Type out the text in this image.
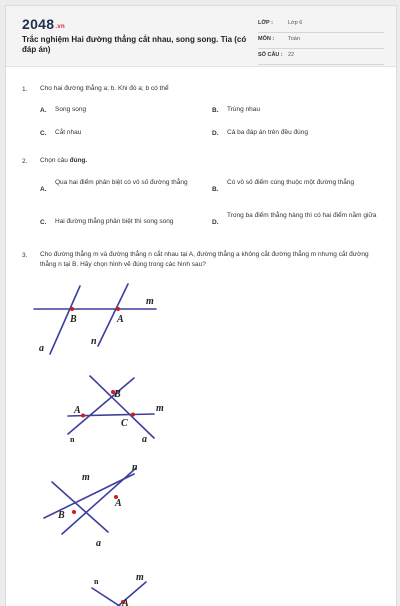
2048.vn
Trắc nghiệm Hai đường thẳng cắt nhau, song song. Tia (có đáp án)
LỚP :	Lớp 6
MÔN :	Toán
SỐ CÂU : 22
1. Cho hai đường thẳng a; b. Khi đó a; b có thể
A. Song song	B. Trùng nhau
C. Cắt nhau	D. Cả ba đáp án trên đều đúng
2. Chọn câu đúng.
A.
Qua hai điểm phân biệt có vô số đường thẳng
B.
Có vô số điểm cùng thuộc một đường thẳng
C. Hai đường thẳng phân biệt thì song song	D.
Trong ba điểm thẳng hàng thì có hai điểm nằm giữa
3. Cho đường thẳng m và đường thẳng n cắt nhau tại A, đường thẳng a không cắt đường thẳng m nhưng cắt đường thẳng n tại B. Hãy chọn hình vẽ đúng trong các hình sau?
m
B	A
a
n
B
A	m
C
n	a
n
m
A
B
a
n	m
A
